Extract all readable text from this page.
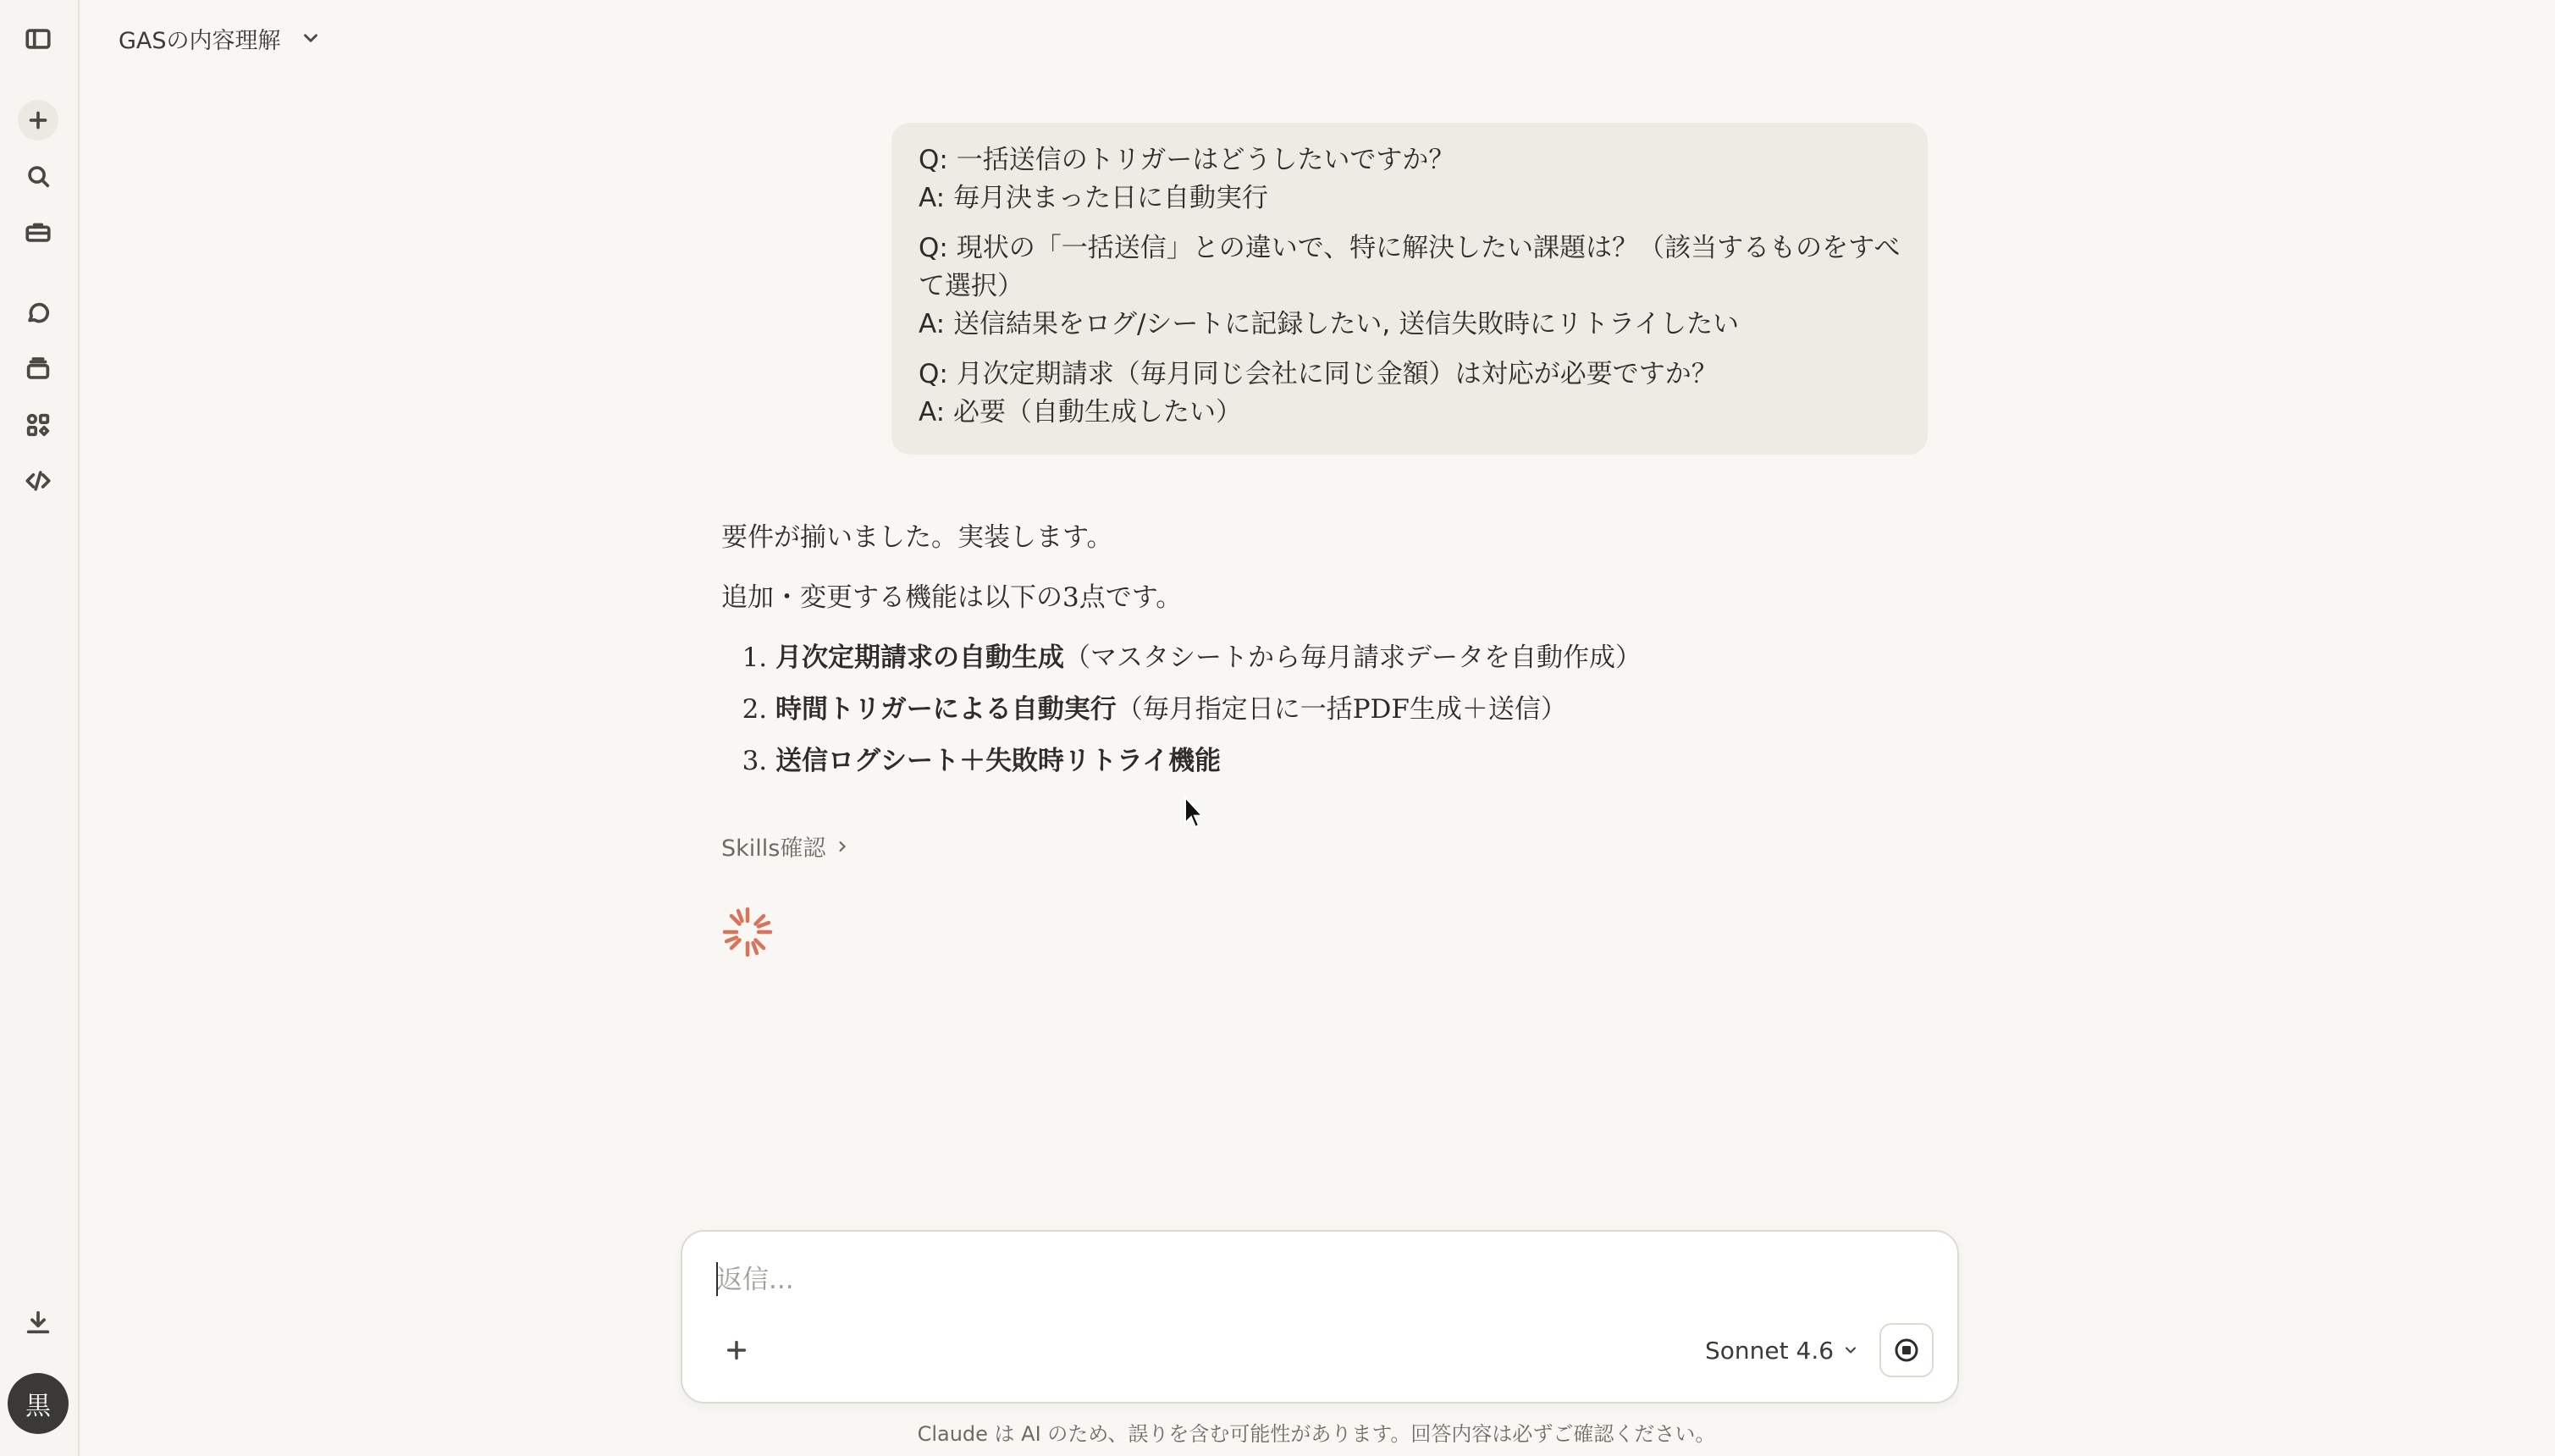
黒
GASの内容理解

Q: 一括送信のトリガーはどうしたいですか？

A: 毎月決まった日に自動実行

Q: 現状の「一括送信」との違いで、特に解決したい課題は？（該当するものをすべて選択）

A: 送信結果をログ/シートに記録したい, 送信失敗時にリトライしたい

Q: 月次定期請求（毎月同じ会社に同じ金額）は対応が必要ですか？

A: 必要（自動生成したい）

要件が揃いました。実装します。

追加・変更する機能は以下の3点です。

1. 月次定期請求の自動生成（マスタシートから毎月請求データを自動作成）
2. 時間トリガーによる自動実行（毎月指定日に一括PDF生成＋送信）
3. 送信ログシート＋失敗時リトライ機能
Skills確認
返信...
Sonnet 4.6
Claude は AI のため、誤りを含む可能性があります。回答内容は必ずご確認ください。
